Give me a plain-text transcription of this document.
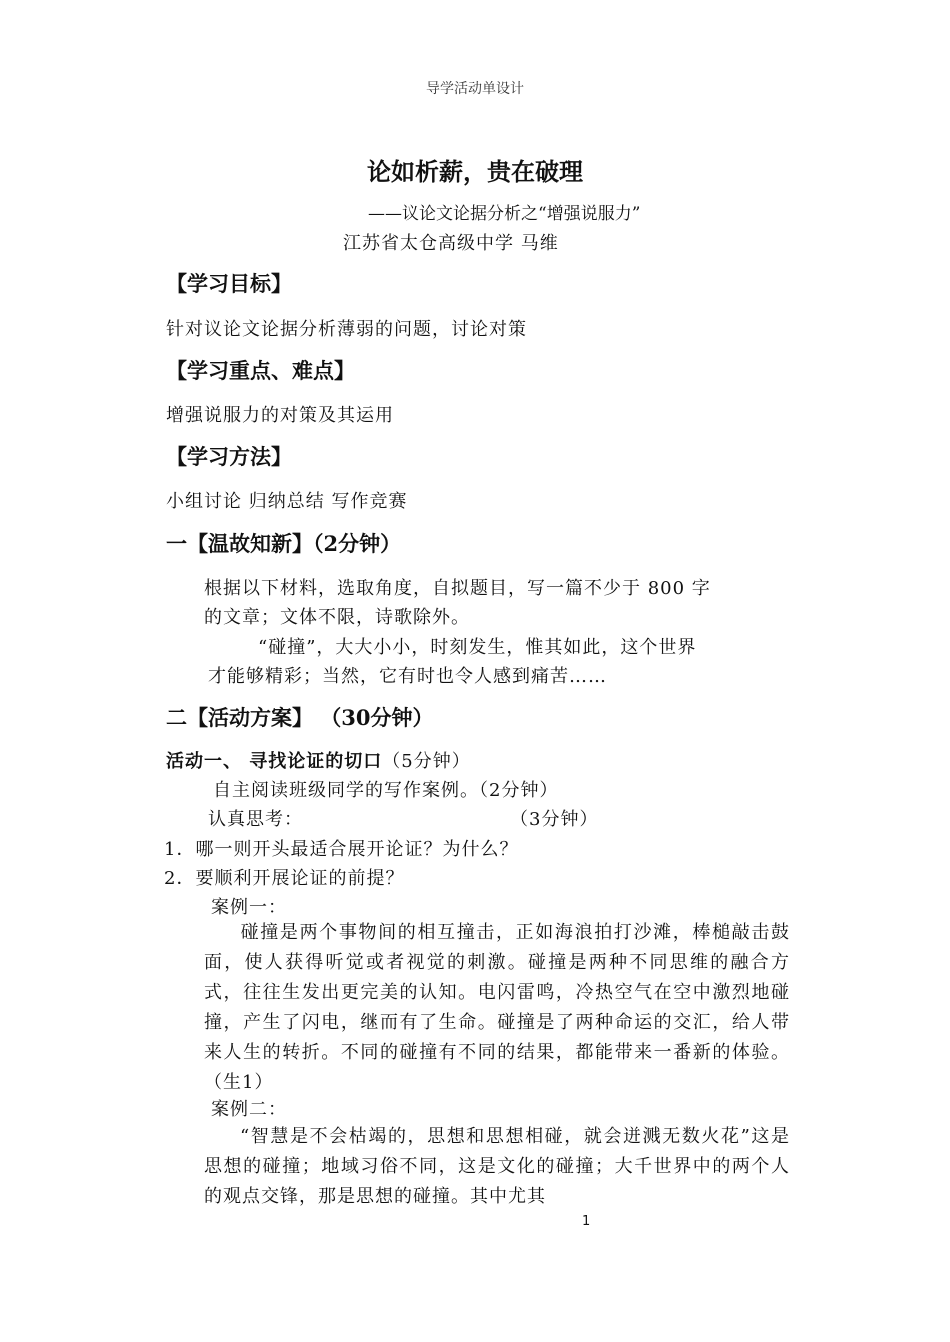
导学活动单设计
论如析薪，贵在破理
——议论文论据分析之“增强说服力”
江苏省太仓高级中学 马维
【学习目标】
针对议论文论据分析薄弱的问题，讨论对策
【学习重点、难点】
增强说服力的对策及其运用
【学习方法】
小组讨论 归纳总结 写作竞赛
一【温故知新】（2分钟）
根据以下材料，选取角度，自拟题目，写一篇不少于 800 字
的文章；文体不限，诗歌除外。
“碰撞”，大大小小，时刻发生，惟其如此，这个世界
才能够精彩；当然，它有时也令人感到痛苦……
二【活动方案】 （30分钟）
活动一、 寻找论证的切口（5分钟）
自主阅读班级同学的写作案例。（2分钟）
认真思考：	（3分钟）
1．哪一则开头最适合展开论证？为什么？
2．要顺利开展论证的前提？
案例一：
碰撞是两个事物间的相互撞击，正如海浪拍打沙滩，棒槌敲击鼓面，使人获得听觉或者视觉的刺激。碰撞是两种不同思维的融合方式，往往生发出更完美的认知。电闪雷鸣，冷热空气在空中激烈地碰撞，产生了闪电，继而有了生命。碰撞是了两种命运的交汇，给人带来人生的转折。不同的碰撞有不同的结果，都能带来一番新的体验。（生1）
案例二：
“智慧是不会枯竭的，思想和思想相碰，就会迸溅无数火花”这是思想的碰撞；地域习俗不同，这是文化的碰撞；大千世界中的两个人的观点交锋，那是思想的碰撞。其中尤其
1
